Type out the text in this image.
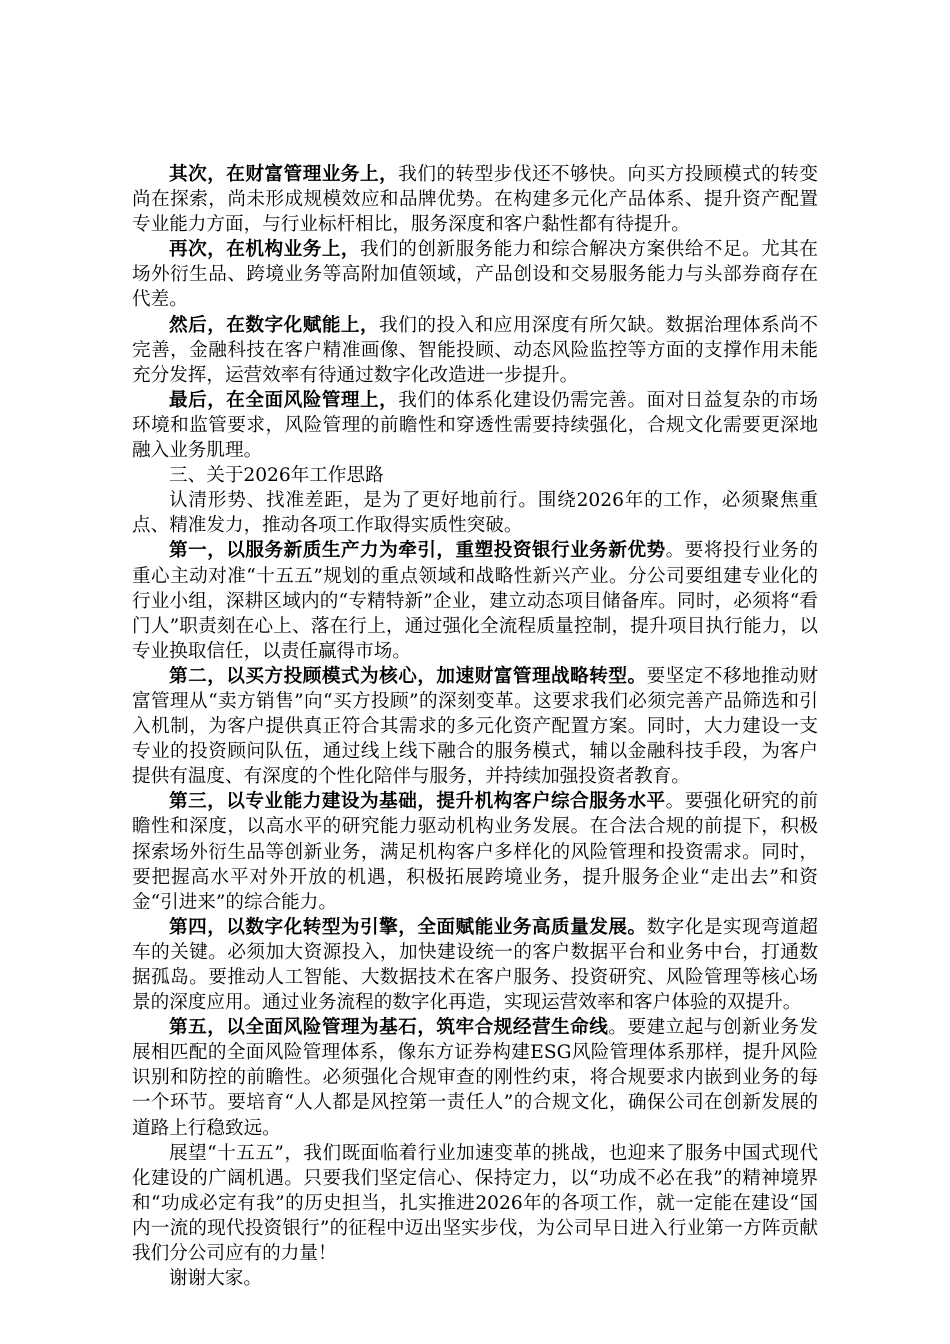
其次，在财富管理业务上，我们的转型步伐还不够快。向买方投顾模式的转变尚在探索，尚未形成规模效应和品牌优势。在构建多元化产品体系、提升资产配置专业能力方面，与行业标杆相比，服务深度和客户黏性都有待提升。

再次，在机构业务上，我们的创新服务能力和综合解决方案供给不足。尤其在场外衍生品、跨境业务等高附加值领域，产品创设和交易服务能力与头部券商存在代差。

然后，在数字化赋能上，我们的投入和应用深度有所欠缺。数据治理体系尚不完善，金融科技在客户精准画像、智能投顾、动态风险监控等方面的支撑作用未能充分发挥，运营效率有待通过数字化改造进一步提升。

最后，在全面风险管理上，我们的体系化建设仍需完善。面对日益复杂的市场环境和监管要求，风险管理的前瞻性和穿透性需要持续强化，合规文化需要更深地融入业务肌理。

三、关于2026年工作思路

认清形势、找准差距，是为了更好地前行。围绕2026年的工作，必须聚焦重点、精准发力，推动各项工作取得实质性突破。

第一，以服务新质生产力为牵引，重塑投资银行业务新优势。要将投行业务的重心主动对准“十五五”规划的重点领域和战略性新兴产业。分公司要组建专业化的行业小组，深耕区域内的“专精特新”企业，建立动态项目储备库。同时，必须将“看门人”职责刻在心上、落在行上，通过强化全流程质量控制，提升项目执行能力，以专业换取信任，以责任赢得市场。

第二，以买方投顾模式为核心，加速财富管理战略转型。要坚定不移地推动财富管理从“卖方销售”向“买方投顾”的深刻变革。这要求我们必须完善产品筛选和引入机制，为客户提供真正符合其需求的多元化资产配置方案。同时，大力建设一支专业的投资顾问队伍，通过线上线下融合的服务模式，辅以金融科技手段，为客户提供有温度、有深度的个性化陪伴与服务，并持续加强投资者教育。

第三，以专业能力建设为基础，提升机构客户综合服务水平。要强化研究的前瞻性和深度，以高水平的研究能力驱动机构业务发展。在合法合规的前提下，积极探索场外衍生品等创新业务，满足机构客户多样化的风险管理和投资需求。同时，要把握高水平对外开放的机遇，积极拓展跨境业务，提升服务企业“走出去”和资金“引进来”的综合能力。

第四，以数字化转型为引擎，全面赋能业务高质量发展。数字化是实现弯道超车的关键。必须加大资源投入，加快建设统一的客户数据平台和业务中台，打通数据孤岛。要推动人工智能、大数据技术在客户服务、投资研究、风险管理等核心场景的深度应用。通过业务流程的数字化再造，实现运营效率和客户体验的双提升。

第五，以全面风险管理为基石，筑牢合规经营生命线。要建立起与创新业务发展相匹配的全面风险管理体系，像东方证券构建ESG风险管理体系那样，提升风险识别和防控的前瞻性。必须强化合规审查的刚性约束，将合规要求内嵌到业务的每一个环节。要培育“人人都是风控第一责任人”的合规文化，确保公司在创新发展的道路上行稳致远。

展望“十五五”，我们既面临着行业加速变革的挑战，也迎来了服务中国式现代化建设的广阔机遇。只要我们坚定信心、保持定力，以“功成不必在我”的精神境界和“功成必定有我”的历史担当，扎实推进2026年的各项工作，就一定能在建设“国内一流的现代投资银行”的征程中迈出坚实步伐，为公司早日进入行业第一方阵贡献我们分公司应有的力量！

谢谢大家。
